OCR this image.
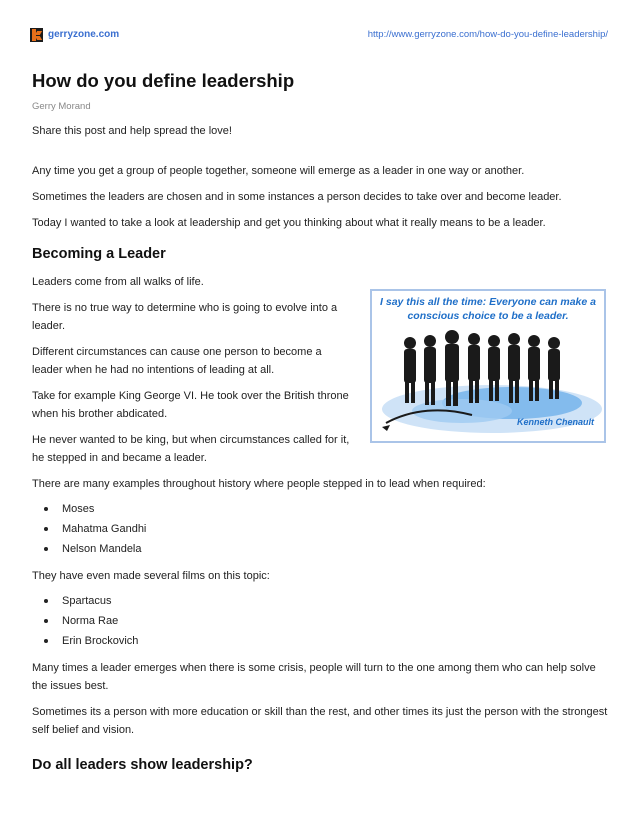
gerryzone.com	http://www.gerryzone.com/how-do-you-define-leadership/
How do you define leadership
Gerry Morand

Share this post and help spread the love!

Any time you get a group of people together, someone will emerge as a leader in one way or another.

Sometimes the leaders are chosen and in some instances a person decides to take over and become leader.

Today I wanted to take a look at leadership and get you thinking about what it really means to be a leader.

Becoming a Leader

Leaders come from all walks of life.

There is no true way to determine who is going to evolve into a leader.

Different circumstances can cause one person to become a leader when he had no intentions of leading at all.

Take for example King George VI. He took over the British throne when his brother abdicated.

He never wanted to be king, but when circumstances called for it, he stepped in and became a leader.

I say this all the time: Everyone can make a conscious choice to be a leader.
Kenneth Chenault

There are many examples throughout history where people stepped in to lead when required:

Moses
Mahatma Gandhi
Nelson Mandela

They have even made several films on this topic:

Spartacus
Norma Rae
Erin Brockovich

Many times a leader emerges when there is some crisis, people will turn to the one among them who can help solve the issues best.

Sometimes its a person with more education or skill than the rest, and other times its just the person with the strongest self belief and vision.

Do all leaders show leadership?
